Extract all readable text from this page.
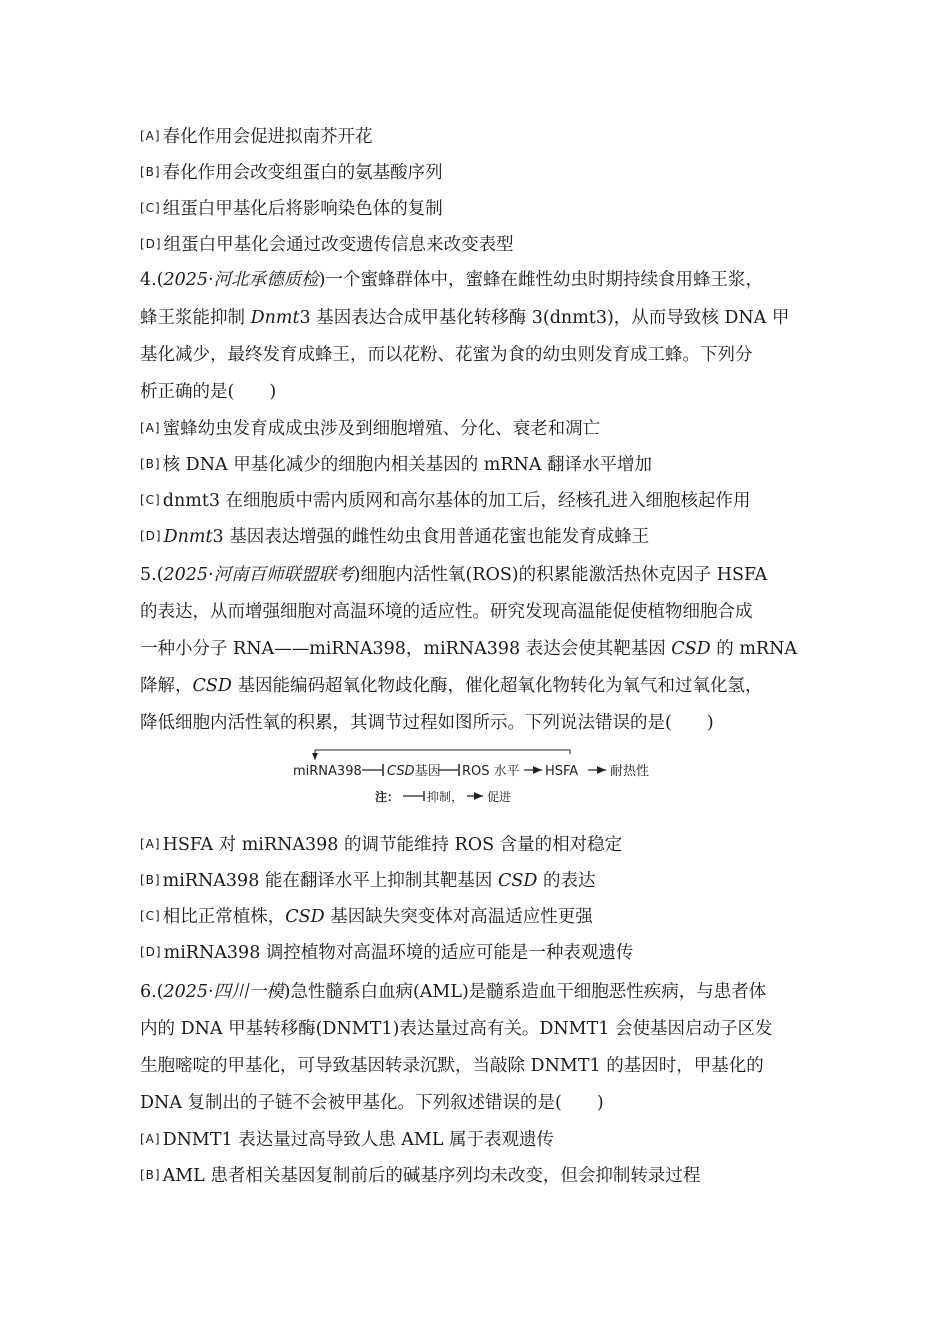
[A] 春化作用会促进拟南芥开花
[B] 春化作用会改变组蛋白的氨基酸序列
[C] 组蛋白甲基化后将影响染色体的复制
[D] 组蛋白甲基化会通过改变遗传信息来改变表型
4.(2025·河北承德质检)一个蜜蜂群体中，蜜蜂在雌性幼虫时期持续食用蜂王浆，
蜂王浆能抑制 Dnmt3 基因表达合成甲基化转移酶 3(dnmt3)，从而导致核 DNA 甲
基化减少，最终发育成蜂王，而以花粉、花蜜为食的幼虫则发育成工蜂。下列分
析正确的是(　　)
[A] 蜜蜂幼虫发育成成虫涉及到细胞增殖、分化、衰老和凋亡
[B] 核 DNA 甲基化减少的细胞内相关基因的 mRNA 翻译水平增加
[C] dnmt3 在细胞质中需内质网和高尔基体的加工后，经核孔进入细胞核起作用
[D] Dnmt3 基因表达增强的雌性幼虫食用普通花蜜也能发育成蜂王
5.(2025·河南百师联盟联考)细胞内活性氧(ROS)的积累能激活热休克因子 HSFA
的表达，从而增强细胞对高温环境的适应性。研究发现高温能促使植物细胞合成
一种小分子 RNA——miRNA398，miRNA398 表达会使其靶基因 CSD 的 mRNA
降解，CSD 基因能编码超氧化物歧化酶，催化超氧化物转化为氧气和过氧化氢，
降低细胞内活性氧的积累，其调节过程如图所示。下列说法错误的是(　　)
miRNA398 CSD基因 ROS 水平 HSFA 耐热性
注： 抑制， 促进
[A] HSFA 对 miRNA398 的调节能维持 ROS 含量的相对稳定
[B] miRNA398 能在翻译水平上抑制其靶基因 CSD 的表达
[C] 相比正常植株，CSD 基因缺失突变体对高温适应性更强
[D] miRNA398 调控植物对高温环境的适应可能是一种表观遗传
6.(2025·四川一模)急性髓系白血病(AML)是髓系造血干细胞恶性疾病，与患者体
内的 DNA 甲基转移酶(DNMT1)表达量过高有关。DNMT1 会使基因启动子区发
生胞嘧啶的甲基化，可导致基因转录沉默，当敲除 DNMT1 的基因时，甲基化的
DNA 复制出的子链不会被甲基化。下列叙述错误的是(　　)
[A] DNMT1 表达量过高导致人患 AML 属于表观遗传
[B] AML 患者相关基因复制前后的碱基序列均未改变，但会抑制转录过程
